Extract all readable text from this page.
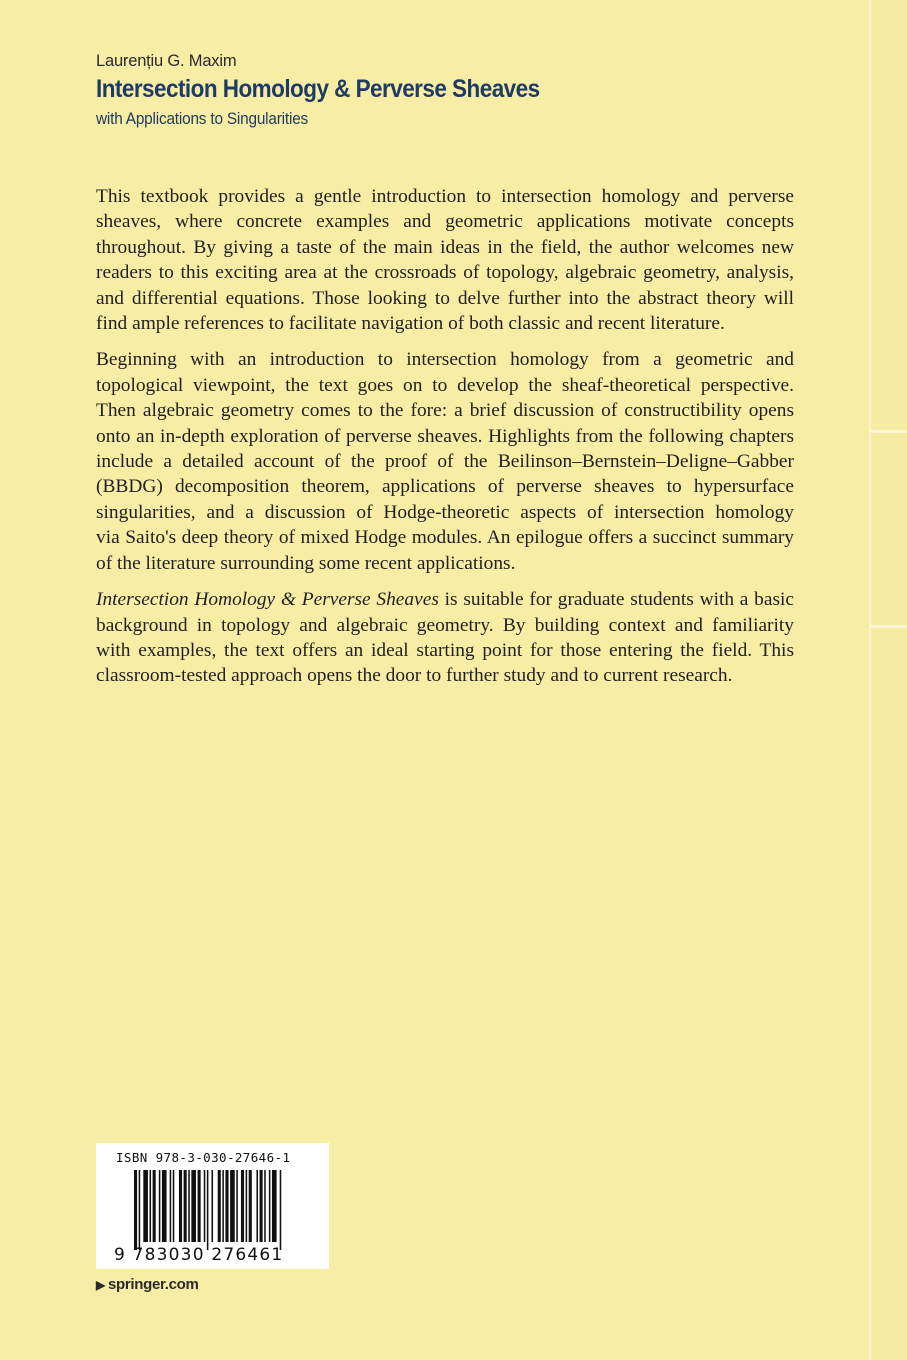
Laurențiu G. Maxim

Intersection Homology & Perverse Sheaves

with Applications to Singularities

This textbook provides a gentle introduction to intersection homology and perverse
sheaves, where concrete examples and geometric applications motivate concepts
throughout. By giving a taste of the main ideas in the field, the author welcomes new
readers to this exciting area at the crossroads of topology, algebraic geometry, analysis,
and differential equations. Those looking to delve further into the abstract theory will
find ample references to facilitate navigation of both classic and recent literature.

Beginning with an introduction to intersection homology from a geometric and
topological viewpoint, the text goes on to develop the sheaf-theoretical perspective.
Then algebraic geometry comes to the fore: a brief discussion of constructibility opens
onto an in-depth exploration of perverse sheaves. Highlights from the following chapters
include a detailed account of the proof of the Beilinson–Bernstein–Deligne–Gabber
(BBDG) decomposition theorem, applications of perverse sheaves to hypersurface
singularities, and a discussion of Hodge-theoretic aspects of intersection homology
via Saito's deep theory of mixed Hodge modules. An epilogue offers a succinct summary
of the literature surrounding some recent applications.

Intersection Homology & Perverse Sheaves is suitable for graduate students with a basic
background in topology and algebraic geometry. By building context and familiarity
with examples, the text offers an ideal starting point for those entering the field. This
classroom-tested approach opens the door to further study and to current research.

ISBN 978-3-030-27646-1
9 783030 276461
▶ springer.com
